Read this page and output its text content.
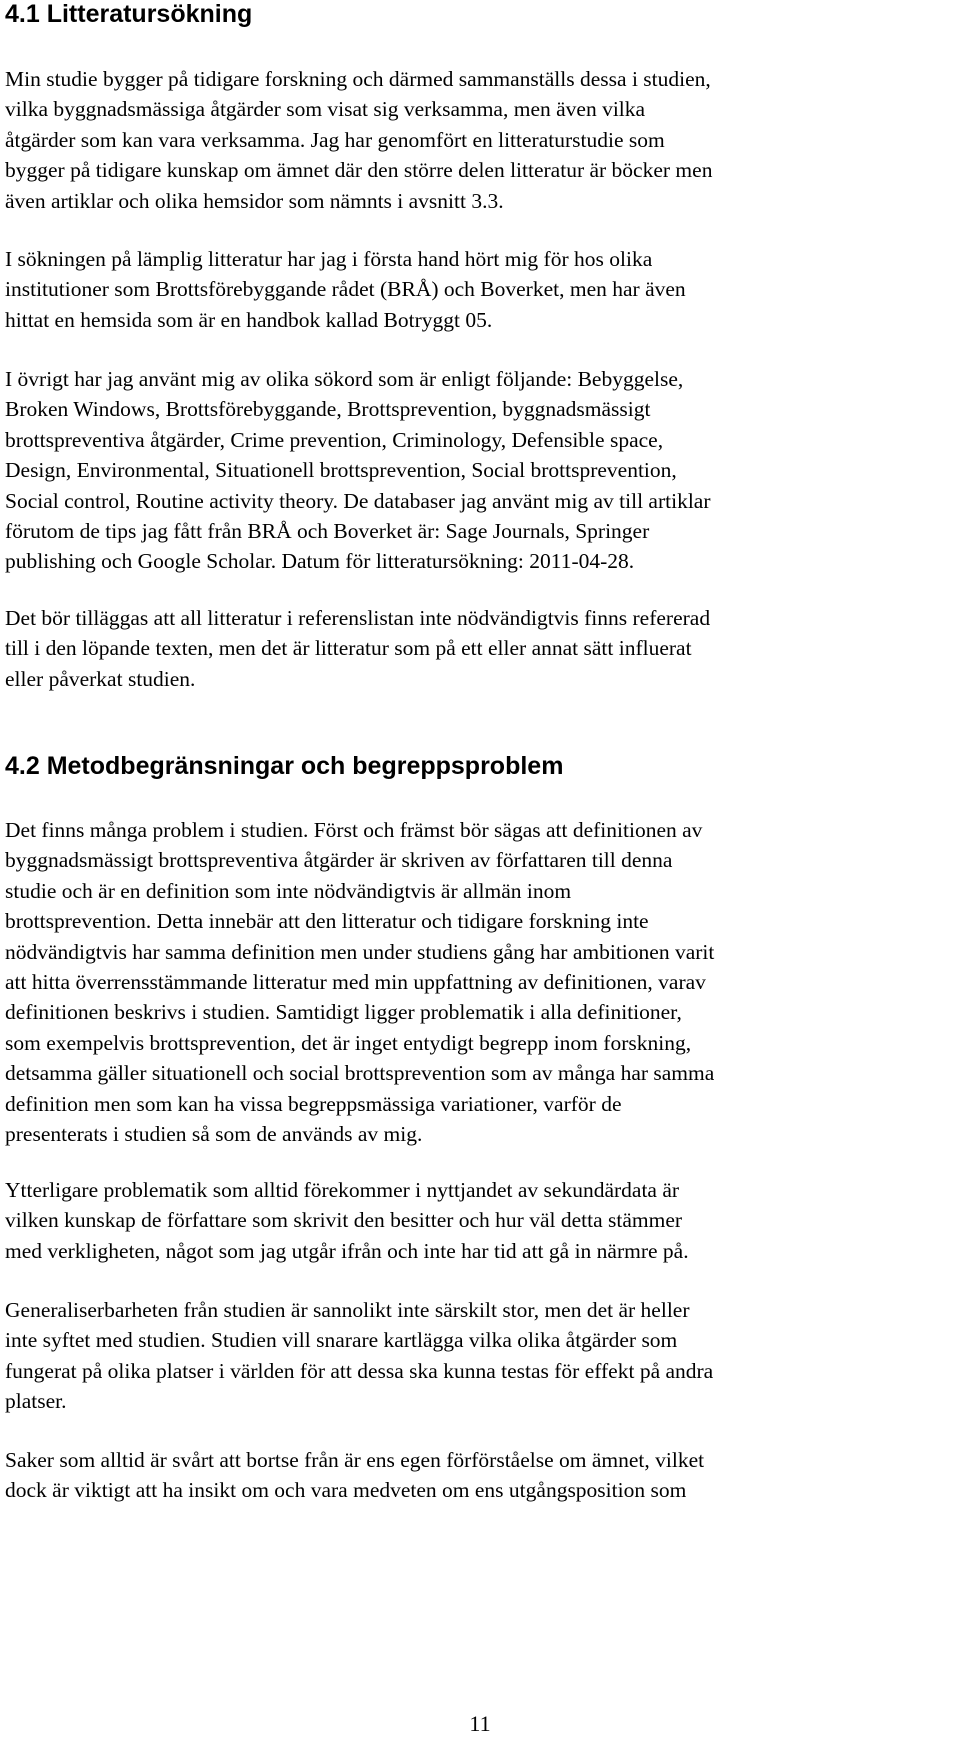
4.1 Litteratursökning
Min studie bygger på tidigare forskning och därmed sammanställs dessa i studien,
vilka byggnadsmässiga åtgärder som visat sig verksamma, men även vilka
åtgärder som kan vara verksamma. Jag har genomfört en litteraturstudie som
bygger på tidigare kunskap om ämnet där den större delen litteratur är böcker men
även artiklar och olika hemsidor som nämnts i avsnitt 3.3.
I sökningen på lämplig litteratur har jag i första hand hört mig för hos olika
institutioner som Brottsförebyggande rådet (BRÅ) och Boverket, men har även
hittat en hemsida som är en handbok kallad Botryggt 05.
I övrigt har jag använt mig av olika sökord som är enligt följande: Bebyggelse,
Broken Windows, Brottsförebyggande, Brottsprevention, byggnadsmässigt
brottspreventiva åtgärder, Crime prevention, Criminology, Defensible space,
Design, Environmental, Situationell brottsprevention, Social brottsprevention,
Social control, Routine activity theory. De databaser jag använt mig av till artiklar
förutom de tips jag fått från BRÅ och Boverket är: Sage Journals, Springer
publishing och Google Scholar. Datum för litteratursökning: 2011-04-28.
Det bör tilläggas att all litteratur i referenslistan inte nödvändigtvis finns refererad
till i den löpande texten, men det är litteratur som på ett eller annat sätt influerat
eller påverkat studien.
4.2 Metodbegränsningar och begreppsproblem
Det finns många problem i studien. Först och främst bör sägas att definitionen av
byggnadsmässigt brottspreventiva åtgärder är skriven av författaren till denna
studie och är en definition som inte nödvändigtvis är allmän inom
brottsprevention. Detta innebär att den litteratur och tidigare forskning inte
nödvändigtvis har samma definition men under studiens gång har ambitionen varit
att hitta överrensstämmande litteratur med min uppfattning av definitionen, varav
definitionen beskrivs i studien. Samtidigt ligger problematik i alla definitioner,
som exempelvis brottsprevention, det är inget entydigt begrepp inom forskning,
detsamma gäller situationell och social brottsprevention som av många har samma
definition men som kan ha vissa begreppsmässiga variationer, varför de
presenterats i studien så som de används av mig.
Ytterligare problematik som alltid förekommer i nyttjandet av sekundärdata är
vilken kunskap de författare som skrivit den besitter och hur väl detta stämmer
med verkligheten, något som jag utgår ifrån och inte har tid att gå in närmre på.
Generaliserbarheten från studien är sannolikt inte särskilt stor, men det är heller
inte syftet med studien. Studien vill snarare kartlägga vilka olika åtgärder som
fungerat på olika platser i världen för att dessa ska kunna testas för effekt på andra
platser.
Saker som alltid är svårt att bortse från är ens egen förförståelse om ämnet, vilket
dock är viktigt att ha insikt om och vara medveten om ens utgångsposition som
11
